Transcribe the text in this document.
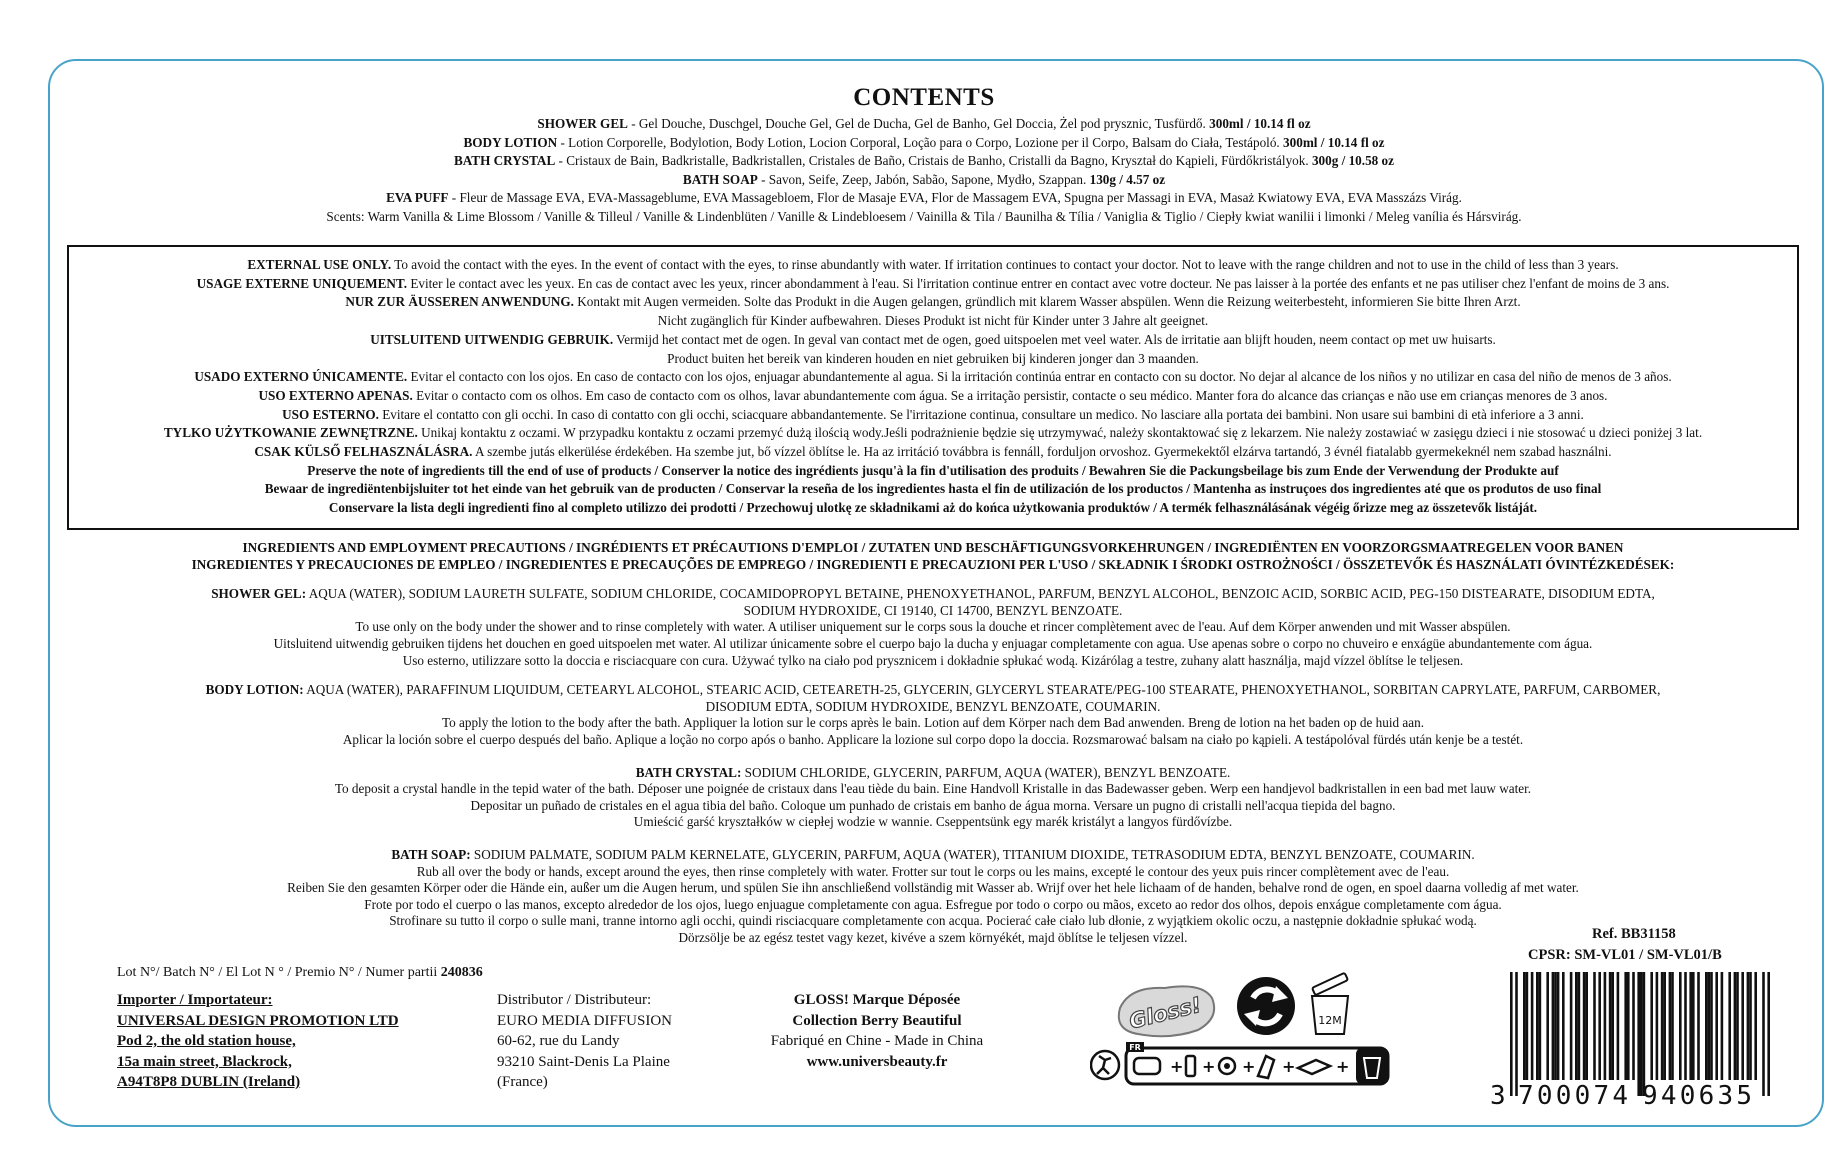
CONTENTS
SHOWER GEL - Gel Douche, Duschgel, Douche Gel, Gel de Ducha, Gel de Banho, Gel Doccia, Żel pod prysznic, Tusfürdő. 300ml / 10.14 fl oz
BODY LOTION - Lotion Corporelle, Bodylotion, Body Lotion, Locion Corporal, Loção para o Corpo, Lozione per il Corpo, Balsam do Ciała, Testápoló. 300ml / 10.14 fl oz
BATH CRYSTAL - Cristaux de Bain, Badkristalle, Badkristallen, Cristales de Baño, Cristais de Banho, Cristalli da Bagno, Kryształ do Kąpieli, Fürdőkristályok. 300g / 10.58 oz
BATH SOAP - Savon, Seife, Zeep, Jabón, Sabão, Sapone, Mydło, Szappan. 130g / 4.57 oz
EVA PUFF - Fleur de Massage EVA, EVA-Massageblume, EVA Massagebloem, Flor de Masaje EVA, Flor de Massagem EVA, Spugna per Massagi in EVA, Masaż Kwiatowy EVA, EVA Masszázs Virág.
Scents: Warm Vanilla & Lime Blossom / Vanille & Tilleul / Vanille & Lindenblüten / Vanille & Lindebloesem / Vainilla & Tila / Baunilha & Tília / Vaniglia & Tiglio / Ciepły kwiat wanilii i limonki / Meleg vanília és Hársvirág.
EXTERNAL USE ONLY. To avoid the contact with the eyes. In the event of contact with the eyes, to rinse abundantly with water. If irritation continues to contact your doctor. Not to leave with the range children and not to use in the child of less than 3 years.
USAGE EXTERNE UNIQUEMENT. Eviter le contact avec les yeux. En cas de contact avec les yeux, rincer abondamment à l'eau. Si l'irritation continue entrer en contact avec votre docteur. Ne pas laisser à la portée des enfants et ne pas utiliser chez l'enfant de moins de 3 ans.
NUR ZUR ÄUSSEREN ANWENDUNG. Kontakt mit Augen vermeiden. Solte das Produkt in die Augen gelangen, gründlich mit klarem Wasser abspülen. Wenn die Reizung weiterbesteht, informieren Sie bitte Ihren Arzt.
Nicht zugänglich für Kinder aufbewahren. Dieses Produkt ist nicht für Kinder unter 3 Jahre alt geeignet.
UITSLUITEND UITWENDIG GEBRUIK. Vermijd het contact met de ogen. In geval van contact met de ogen, goed uitspoelen met veel water. Als de irritatie aan blijft houden, neem contact op met uw huisarts.
Product buiten het bereik van kinderen houden en niet gebruiken bij kinderen jonger dan 3 maanden.
USADO EXTERNO ÚNICAMENTE. Evitar el contacto con los ojos. En caso de contacto con los ojos, enjuagar abundantemente al agua. Si la irritación continúa entrar en contacto con su doctor. No dejar al alcance de los niños y no utilizar en casa del niño de menos de 3 años.
USO EXTERNO APENAS. Evitar o contacto com os olhos. Em caso de contacto com os olhos, lavar abundantemente com água. Se a irritação persistir, contacte o seu médico. Manter fora do alcance das crianças e não use em crianças menores de 3 anos.
USO ESTERNO. Evitare el contatto con gli occhi. In caso di contatto con gli occhi, sciacquare abbandantemente. Se l'irritazione continua, consultare un medico. No lasciare alla portata dei bambini. Non usare sui bambini di età inferiore a 3 anni.
TYLKO UŻYTKOWANIE ZEWNĘTRZNE. Unikaj kontaktu z oczami. W przypadku kontaktu z oczami przemyć dużą ilością wody.Jeśli podrażnienie będzie się utrzymywać, należy skontaktować się z lekarzem. Nie należy zostawiać w zasięgu dzieci i nie stosować u dzieci poniżej 3 lat.
CSAK KÜLSŐ FELHASZNÁLÁSRA. A szembe jutás elkerülése érdekében. Ha szembe jut, bő vízzel öblítse le. Ha az irritáció továbbra is fennáll, forduljon orvoshoz. Gyermekektől elzárva tartandó, 3 évnél fiatalabb gyermekeknél nem szabad használni.
Preserve the note of ingredients till the end of use of products / Conserver la notice des ingrédients jusqu'à la fin d'utilisation des produits / Bewahren Sie die Packungsbeilage bis zum Ende der Verwendung der Produkte auf
Bewaar de ingrediëntenbijsluiter tot het einde van het gebruik van de producten / Conservar la reseña de los ingredientes hasta el fin de utilización de los productos / Mantenha as instruçoes dos ingredientes até que os produtos de uso final
Conservare la lista degli ingredienti fino al completo utilizzo dei prodotti / Przechowuj ulotkę ze składnikami aż do końca użytkowania produktów / A termék felhasználásának végéig őrizze meg az összetevők listáját.
INGREDIENTS AND EMPLOYMENT PRECAUTIONS / INGRÉDIENTS ET PRÉCAUTIONS D'EMPLOI / ZUTATEN UND BESCHÄFTIGUNGSVORKEHRUNGEN / INGREDIËNTEN EN VOORZORGSMAATREGELEN VOOR BANEN
INGREDIENTES Y PRECAUCIONES DE EMPLEO / INGREDIENTES E PRECAUÇÕES DE EMPREGO / INGREDIENTI E PRECAUZIONI PER L'USO / SKŁADNIK I ŚRODKI OSTROŻNOŚCI / ÖSSZETEVŐK ÉS HASZNÁLATI ÓVINTÉZKEDÉSEK:
SHOWER GEL: AQUA (WATER), SODIUM LAURETH SULFATE, SODIUM CHLORIDE, COCAMIDOPROPYL BETAINE, PHENOXYETHANOL, PARFUM, BENZYL ALCOHOL, BENZOIC ACID, SORBIC ACID, PEG-150 DISTEARATE, DISODIUM EDTA,
SODIUM HYDROXIDE, CI 19140, CI 14700, BENZYL BENZOATE.
To use only on the body under the shower and to rinse completely with water. A utiliser uniquement sur le corps sous la douche et rincer complètement avec de l'eau. Auf dem Körper anwenden und mit Wasser abspülen.
Uitsluitend uitwendig gebruiken tijdens het douchen en goed uitspoelen met water. Al utilizar únicamente sobre el cuerpo bajo la ducha y enjuagar completamente con agua. Use apenas sobre o corpo no chuveiro e enxágüe abundantemente com água.
Uso esterno, utilizzare sotto la doccia e risciacquare con cura. Używać tylko na ciało pod prysznicem i dokładnie spłukać wodą. Kizárólag a testre, zuhany alatt használja, majd vízzel öblítse le teljesen.
BODY LOTION: AQUA (WATER), PARAFFINUM LIQUIDUM, CETEARYL ALCOHOL, STEARIC ACID, CETEARETH-25, GLYCERIN, GLYCERYL STEARATE/PEG-100 STEARATE, PHENOXYETHANOL, SORBITAN CAPRYLATE, PARFUM, CARBOMER,
DISODIUM EDTA, SODIUM HYDROXIDE, BENZYL BENZOATE, COUMARIN.
To apply the lotion to the body after the bath. Appliquer la lotion sur le corps après le bain. Lotion auf dem Körper nach dem Bad anwenden. Breng de lotion na het baden op de huid aan.
Aplicar la loción sobre el cuerpo después del baño. Aplique a loção no corpo após o banho. Applicare la lozione sul corpo dopo la doccia. Rozsmarować balsam na ciało po kąpieli. A testápolóval fürdés után kenje be a testét.
BATH CRYSTAL: SODIUM CHLORIDE, GLYCERIN, PARFUM, AQUA (WATER), BENZYL BENZOATE.
To deposit a crystal handle in the tepid water of the bath. Déposer une poignée de cristaux dans l'eau tiède du bain. Eine Handvoll Kristalle in das Badewasser geben. Werp een handjevol badkristallen in een bad met lauw water.
Depositar un puñado de cristales en el agua tibia del baño. Coloque um punhado de cristais em banho de água morna. Versare un pugno di cristalli nell'acqua tiepida del bagno.
Umieścić garść kryształków w ciepłej wodzie w wannie. Cseppentsünk egy marék kristályt a langyos fürdővízbe.
BATH SOAP: SODIUM PALMATE, SODIUM PALM KERNELATE, GLYCERIN, PARFUM, AQUA (WATER), TITANIUM DIOXIDE, TETRASODIUM EDTA, BENZYL BENZOATE, COUMARIN.
Rub all over the body or hands, except around the eyes, then rinse completely with water. Frotter sur tout le corps ou les mains, excepté le contour des yeux puis rincer complètement avec de l'eau.
Reiben Sie den gesamten Körper oder die Hände ein, außer um die Augen herum, und spülen Sie ihn anschließend vollständig mit Wasser ab. Wrijf over het hele lichaam of de handen, behalve rond de ogen, en spoel daarna volledig af met water.
Frote por todo el cuerpo o las manos, excepto alrededor de los ojos, luego enjuague completamente con agua. Esfregue por todo o corpo ou mãos, exceto ao redor dos olhos, depois enxágue completamente com água.
Strofinare su tutto il corpo o sulle mani, tranne intorno agli occhi, quindi risciacquare completamente con acqua. Pocierać całe ciało lub dłonie, z wyjątkiem okolic oczu, a następnie dokładnie spłukać wodą.
Dörzsölje be az egész testet vagy kezet, kivéve a szem környékét, majd öblítse le teljesen vízzel.
Lot N°/ Batch N° / El Lot N ° / Premio N° / Numer partii 240836
Importer / Importateur:
UNIVERSAL DESIGN PROMOTION LTD
Pod 2, the old station house,
15a main street, Blackrock,
A94T8P8 DUBLIN (Ireland)
Distributor / Distributeur:
EURO MEDIA DIFFUSION
60-62, rue du Landy
93210 Saint-Denis La Plaine
(France)
GLOSS! Marque Déposée
Collection Berry Beautiful
Fabriqué en Chine - Made in China
www.universbeauty.fr
Gloss!	12M
FR
+ + + +	+
Ref. BB31158
CPSR: SM-VL01 / SM-VL01/B
3 700074 940635
